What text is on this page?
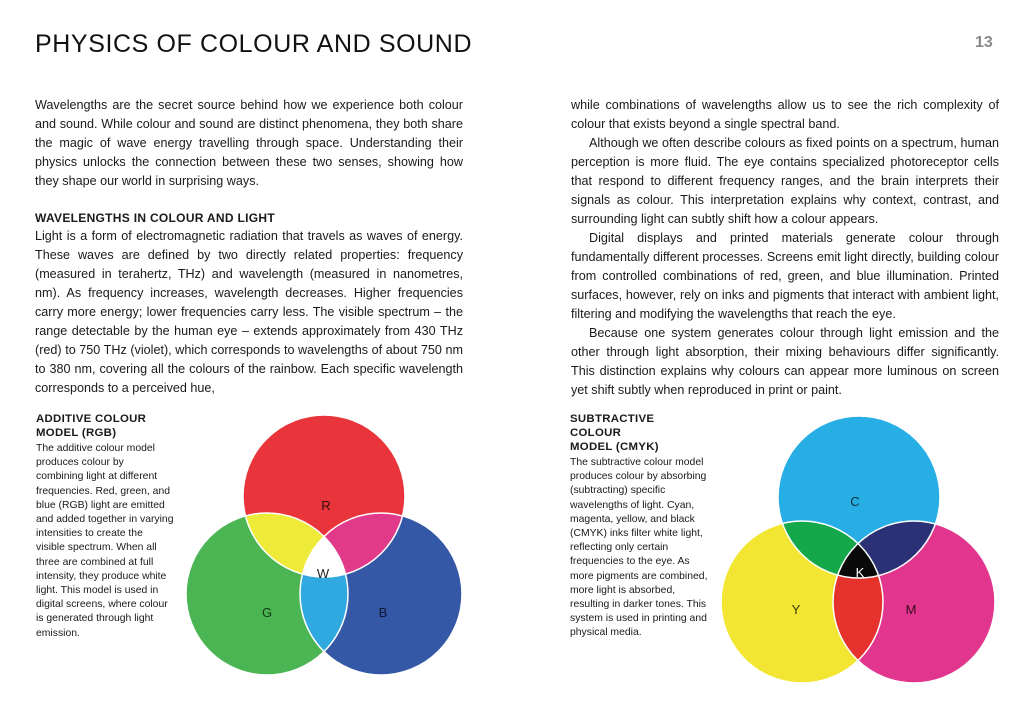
PHYSICS OF COLOUR AND SOUND	13

Wavelengths are the secret source behind how we experience both colour and sound. While colour and sound are distinct phenomena, they both share the magic of wave energy travelling through space. Understanding their physics unlocks the connection between these two senses, showing how they shape our world in surprising ways.

WAVELENGTHS IN COLOUR AND LIGHT

Light is a form of electromagnetic radiation that travels as waves of energy. These waves are defined by two directly related properties: frequency (measured in terahertz, THz) and wavelength (measured in nanometres, nm). As frequency increases, wavelength decreases. Higher frequencies carry more energy; lower frequencies carry less. The visible spectrum – the range detectable by the human eye – extends approximately from 430 THz (red) to 750 THz (violet), which corresponds to wavelengths of about 750 nm to 380 nm, covering all the colours of the rainbow. Each specific wavelength corresponds to a perceived hue,

while combinations of wavelengths allow us to see the rich complexity of colour that exists beyond a single spectral band.

Although we often describe colours as fixed points on a spectrum, human perception is more fluid. The eye contains specialized photoreceptor cells that respond to different frequency ranges, and the brain interprets their signals as colour. This interpretation explains why context, contrast, and surrounding light can subtly shift how a colour appears.

Digital displays and printed materials generate colour through fundamentally different processes. Screens emit light directly, building colour from controlled combinations of red, green, and blue illumination. Printed surfaces, however, rely on inks and pigments that interact with ambient light, filtering and modifying the wavelengths that reach the eye.

Because one system generates colour through light emission and the other through light absorption, their mixing behaviours differ significantly. This distinction explains why colours can appear more luminous on screen yet shift subtly when reproduced in print or paint.

ADDITIVE COLOUR
MODEL (RGB)

The additive colour model produces colour by combining light at different frequencies. Red, green, and blue (RGB) light are emitted and added together in varying intensities to create the visible spectrum. When all three are combined at full intensity, they produce white light. This model is used in digital screens, where colour is generated through light emission.

SUBTRACTIVE COLOUR
MODEL (CMYK)

The subtractive colour model produces colour by absorbing (subtracting) specific wavelengths of light. Cyan, magenta, yellow, and black (CMYK) inks filter white light, reflecting only certain frequencies to the eye. As more pigments are combined, more light is absorbed, resulting in darker tones. This system is used in printing and physical media.

R
G	B
W
C
Y	M
K
